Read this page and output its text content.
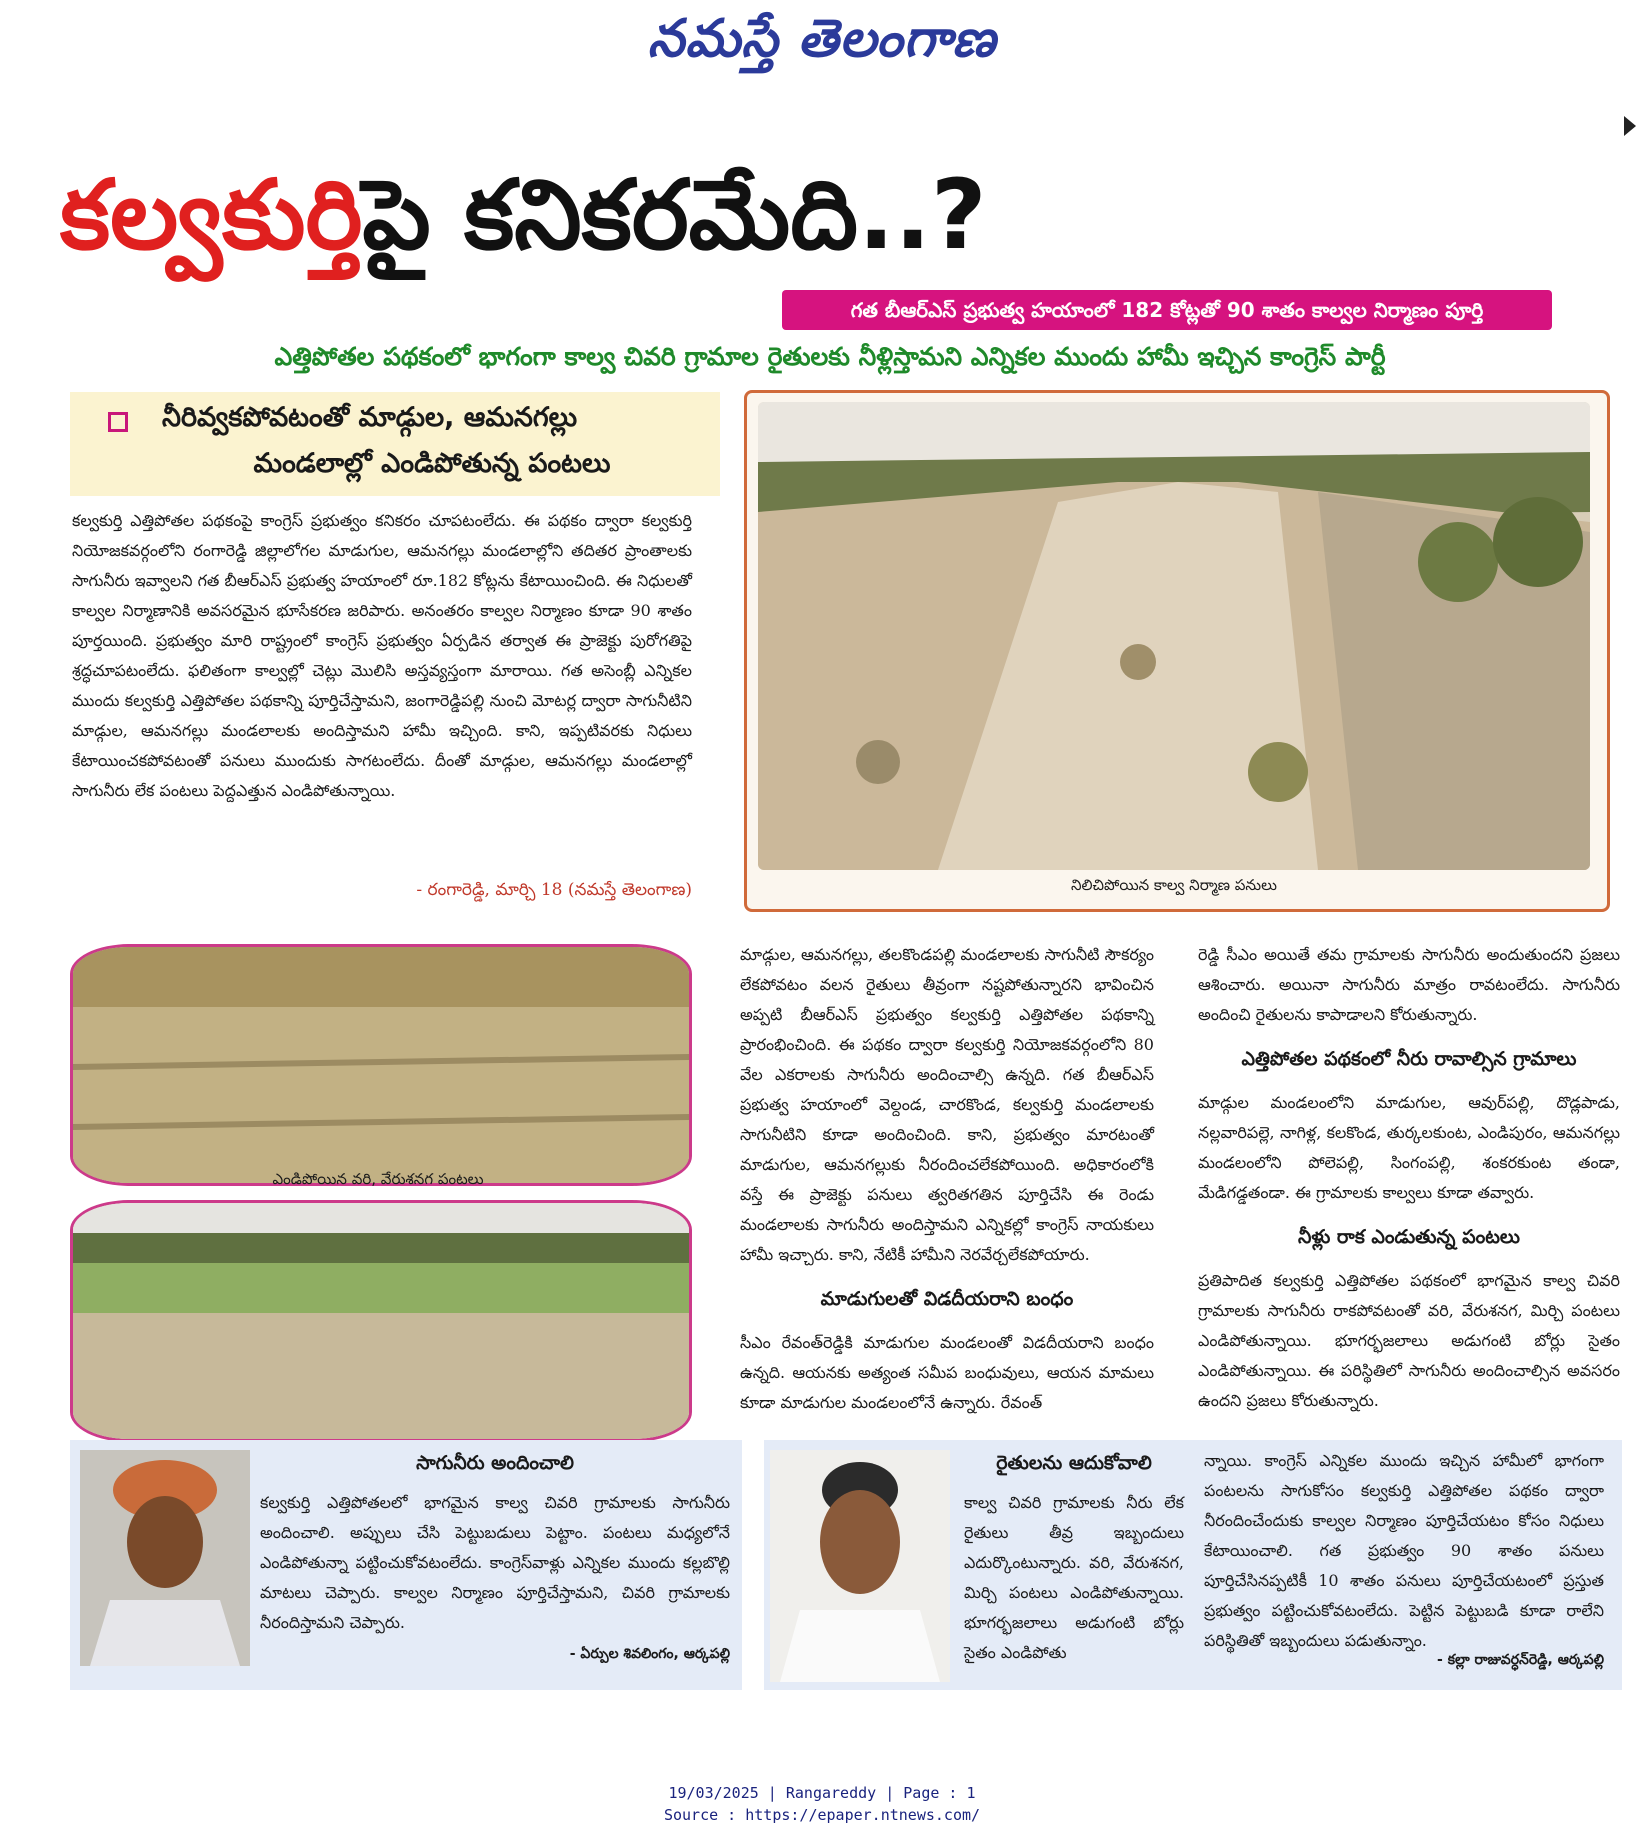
నమస్తే తెలంగాణ
కల్వకుర్తిపై కనికరమేది..?
గత బీఆర్ఎస్ ప్రభుత్వ హయాంలో 182 కోట్లతో 90 శాతం కాల్వల నిర్మాణం పూర్తి
ఎత్తిపోతల పథకంలో భాగంగా కాల్వ చివరి గ్రామాల రైతులకు నీళ్లిస్తామని ఎన్నికల ముందు హామీ ఇచ్చిన కాంగ్రెస్ పార్టీ
నీరివ్వకపోవటంతో మాడ్గుల, ఆమనగల్లు
మండలాల్లో ఎండిపోతున్న పంటలు
కల్వకుర్తి ఎత్తిపోతల పథకంపై కాంగ్రెస్ ప్రభుత్వం కనికరం చూపటంలేదు. ఈ పథకం ద్వారా కల్వకుర్తి నియోజకవర్గంలోని రంగారెడ్డి జిల్లాలోగల మాడుగుల, ఆమనగల్లు మండలాల్లోని తదితర ప్రాంతాలకు సాగునీరు ఇవ్వాలని గత బీఆర్ఎస్ ప్రభుత్వ హయాంలో రూ.182 కోట్లను కేటాయించింది. ఈ నిధులతో కాల్వల నిర్మాణానికి అవసరమైన భూసేకరణ జరిపారు. అనంతరం కాల్వల నిర్మాణం కూడా 90 శాతం పూర్తయింది. ప్రభుత్వం మారి రాష్ట్రంలో కాంగ్రెస్ ప్రభుత్వం ఏర్పడిన తర్వాత ఈ ప్రాజెక్టు పురోగతిపై శ్రద్ధచూపటంలేదు. ఫలితంగా కాల్వల్లో చెట్లు మొలిసి అస్తవ్యస్తంగా మారాయి. గత అసెంబ్లీ ఎన్నికల ముందు కల్వకుర్తి ఎత్తిపోతల పథకాన్ని పూర్తిచేస్తామని, జంగారెడ్డిపల్లి నుంచి మోటర్ల ద్వారా సాగునీటిని మాడ్గుల, ఆమనగల్లు మండలాలకు అందిస్తామని హామీ ఇచ్చింది. కాని, ఇప్పటివరకు నిధులు కేటాయించకపోవటంతో పనులు ముందుకు సాగటంలేదు. దీంతో మాడ్గుల, ఆమనగల్లు మండలాల్లో సాగునీరు లేక పంటలు పెద్దఎత్తున ఎండిపోతున్నాయి.
- రంగారెడ్డి, మార్చి 18 (నమస్తే తెలంగాణ)	నిలిచిపోయిన కాల్వ నిర్మాణ పనులు
ఎండిపోయిన వరి, వేరుశనగ పంటలు
మాడ్గుల, ఆమనగల్లు, తలకొండపల్లి మండలాలకు సాగునీటి సౌకర్యం లేకపోవటం వలన రైతులు తీవ్రంగా నష్టపోతున్నారని భావించిన అప్పటి బీఆర్ఎస్ ప్రభుత్వం కల్వకుర్తి ఎత్తిపోతల పథకాన్ని ప్రారంభించింది. ఈ పథకం ద్వారా కల్వకుర్తి నియోజకవర్గంలోని 80 వేల ఎకరాలకు సాగునీరు అందించాల్సి ఉన్నది. గత బీఆర్ఎస్ ప్రభుత్వ హయాంలో వెల్దండ, చారకొండ, కల్వకుర్తి మండలాలకు సాగునీటిని కూడా అందించింది. కాని, ప్రభుత్వం మారటంతో మాడుగుల, ఆమనగల్లుకు నీరందించలేకపోయింది. అధికారంలోకి వస్తే ఈ ప్రాజెక్టు పనులు త్వరితగతిన పూర్తిచేసి ఈ రెండు మండలాలకు సాగునీరు అందిస్తామని ఎన్నికల్లో కాంగ్రెస్ నాయకులు హామీ ఇచ్చారు. కాని, నేటికీ హామీని నెరవేర్చలేకపోయారు.
మాడుగులతో విడదీయరాని బంధం
సీఎం రేవంత్‌రెడ్డికి మాడుగుల మండలంతో విడదీయరాని బంధం ఉన్నది. ఆయనకు అత్యంత సమీప బంధువులు, ఆయన మామలు కూడా మాడుగుల మండలంలోనే ఉన్నారు. రేవంత్
రెడ్డి సీఎం అయితే తమ గ్రామాలకు సాగునీరు అందుతుందని ప్రజలు ఆశించారు. అయినా సాగునీరు మాత్రం రావటంలేదు. సాగునీరు అందించి రైతులను కాపాడాలని కోరుతున్నారు.
ఎత్తిపోతల పథకంలో నీరు రావాల్సిన గ్రామాలు
మాడ్గుల మండలంలోని మాడుగుల, ఆవుర్‌పల్లి, దొడ్లపాడు, నల్లవారిపల్లె, నాగిళ్ల, కలకొండ, తుర్కలకుంట, ఎండిపురం, ఆమనగల్లు మండలంలోని పోలెపల్లి, సింగంపల్లి, శంకరకుంట తండా, మేడిగడ్డతండా. ఈ గ్రామాలకు కాల్వలు కూడా తవ్వారు.
నీళ్లు రాక ఎండుతున్న పంటలు
ప్రతిపాదిత కల్వకుర్తి ఎత్తిపోతల పథకంలో భాగమైన కాల్వ చివరి గ్రామాలకు సాగునీరు రాకపోవటంతో వరి, వేరుశనగ, మిర్చి పంటలు ఎండిపోతున్నాయి. భూగర్భజలాలు అడుగంటి బోర్లు సైతం ఎండిపోతున్నాయి. ఈ పరిస్థితిలో సాగునీరు అందించాల్సిన అవసరం ఉందని ప్రజలు కోరుతున్నారు.
సాగునీరు అందించాలి
కల్వకుర్తి ఎత్తిపోతలలో భాగమైన కాల్వ చివరి గ్రామాలకు సాగునీరు అందించాలి. అప్పులు చేసి పెట్టుబడులు పెట్టాం. పంటలు మధ్యలోనే ఎండిపోతున్నా పట్టించుకోవటంలేదు. కాంగ్రెస్‌వాళ్లు ఎన్నికల ముందు కల్లబొల్లి మాటలు చెప్పారు. కాల్వల నిర్మాణం పూర్తిచేస్తామని, చివరి గ్రామాలకు నీరందిస్తామని చెప్పారు.
- ఏర్పుల శివలింగం, ఆర్కపల్లి
రైతులను ఆదుకోవాలి
కాల్వ చివరి గ్రామాలకు నీరు లేక రైతులు తీవ్ర ఇబ్బందులు ఎదుర్కొంటున్నారు. వరి, వేరుశనగ, మిర్చి పంటలు ఎండిపోతున్నాయి. భూగర్భజలాలు అడుగంటి బోర్లు సైతం ఎండిపోతు
న్నాయి. కాంగ్రెస్ ఎన్నికల ముందు ఇచ్చిన హామీలో భాగంగా పంటలను సాగుకోసం కల్వకుర్తి ఎత్తిపోతల పథకం ద్వారా నీరందించేందుకు కాల్వల నిర్మాణం పూర్తిచేయటం కోసం నిధులు కేటాయించాలి. గత ప్రభుత్వం 90 శాతం పనులు పూర్తిచేసినప్పటికీ 10 శాతం పనులు పూర్తిచేయటంలో ప్రస్తుత ప్రభుత్వం పట్టించుకోవటంలేదు. పెట్టిన పెట్టుబడి కూడా రాలేని పరిస్థితితో ఇబ్బందులు పడుతున్నాం.
- కల్లా రాజువర్ధన్‌రెడ్డి, ఆర్కపల్లి
19/03/2025 | Rangareddy | Page : 1
Source : https://epaper.ntnews.com/
